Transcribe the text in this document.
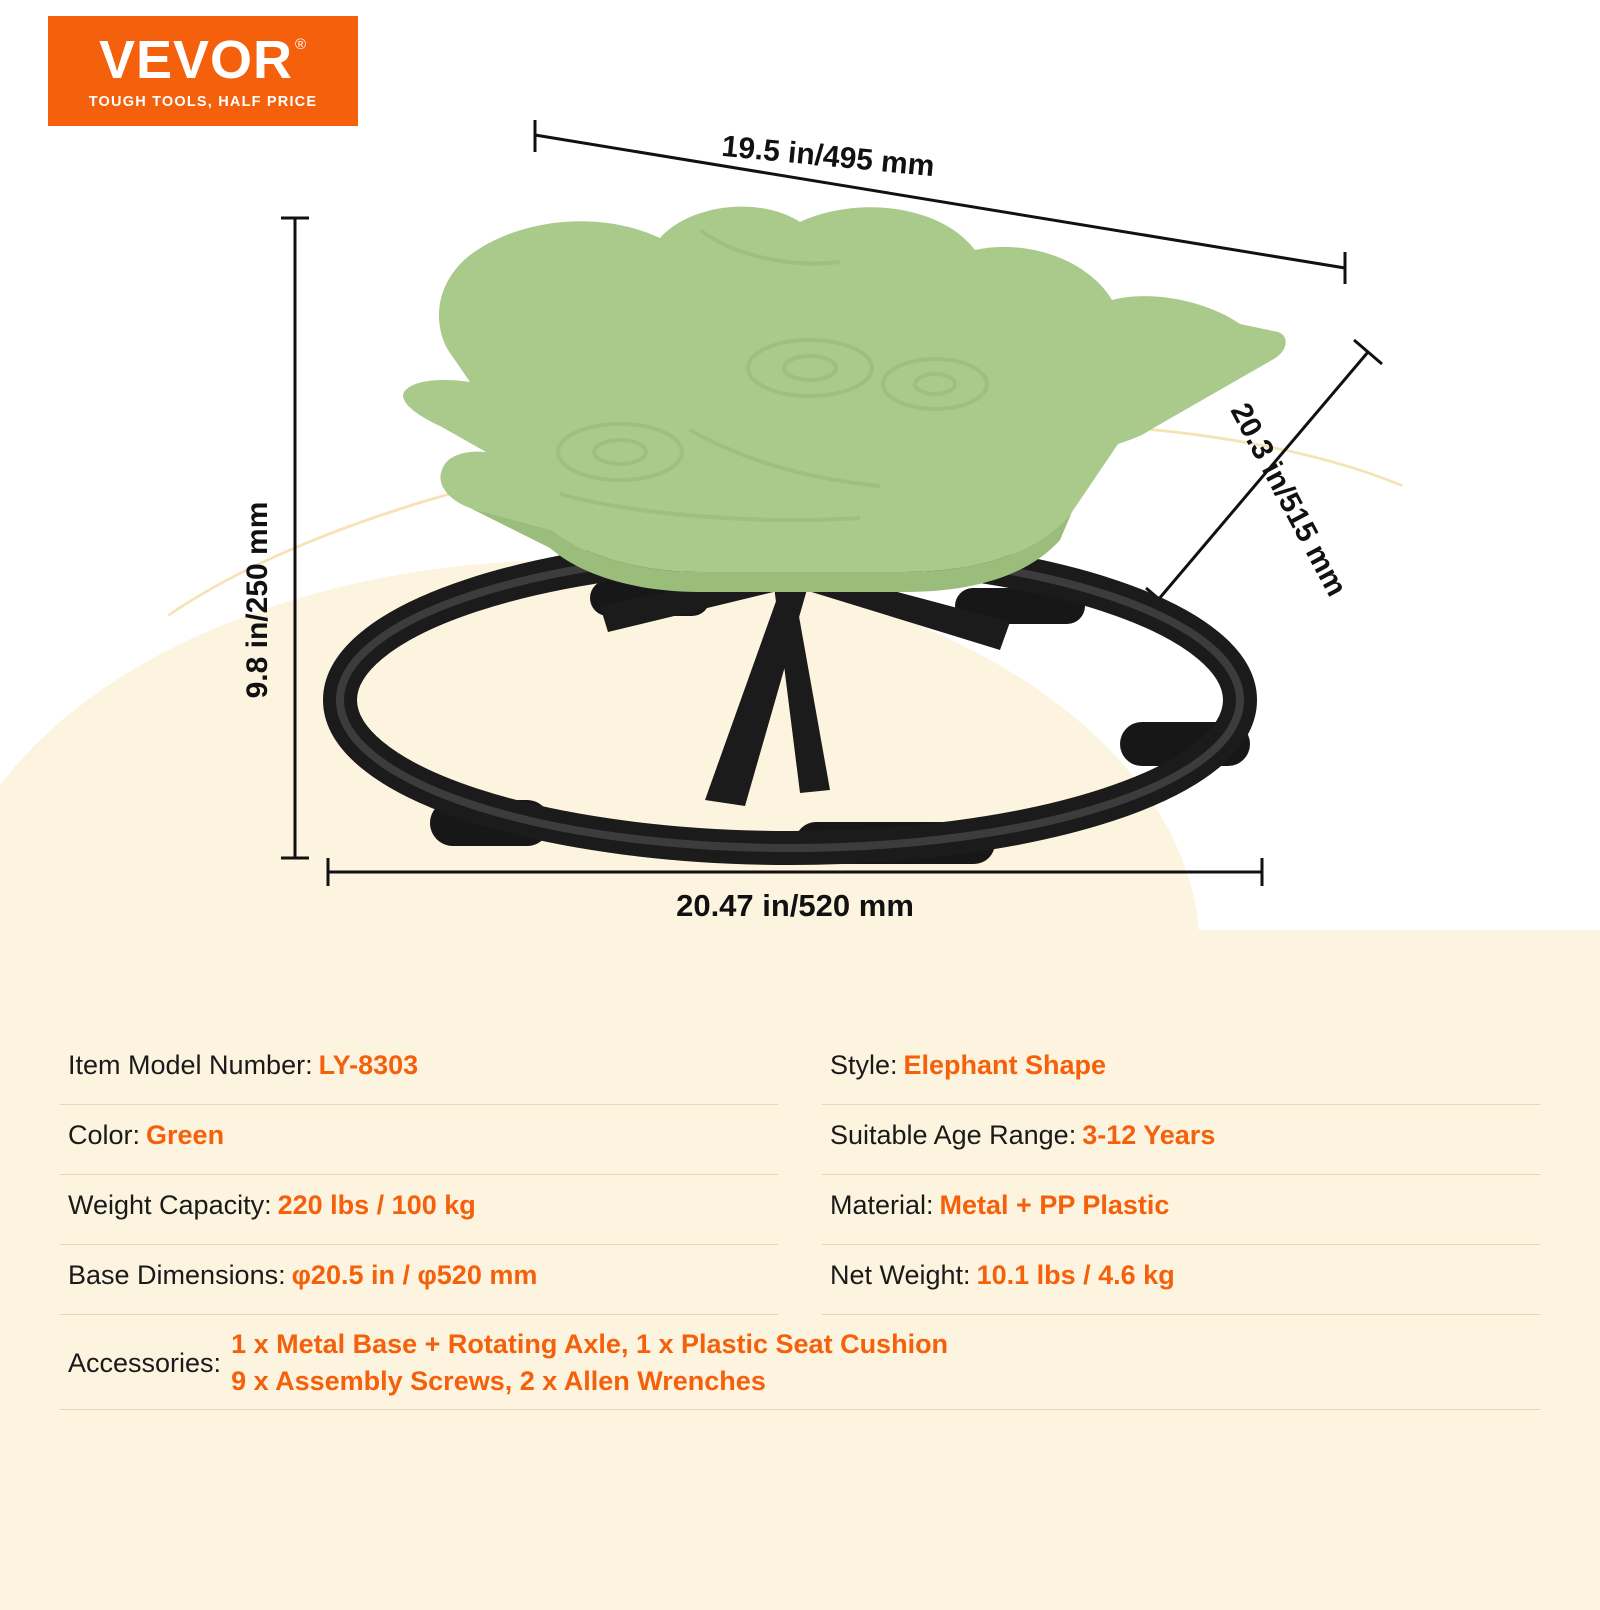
VEVOR ®
TOUGH TOOLS, HALF PRICE
19.5 in/495 mm
20.3 in/515 mm
9.8 in/250 mm
20.47 in/520 mm
Item Model Number: LY-8303	Style: Elephant Shape
Color: Green	Suitable Age Range: 3-12 Years
Weight Capacity: 220 lbs / 100 kg	Material: Metal + PP Plastic
Base Dimensions: φ20.5 in / φ520 mm	Net Weight: 10.1 lbs / 4.6 kg
Accessories:
1 x Metal Base + Rotating Axle, 1 x Plastic Seat Cushion
9 x Assembly Screws, 2 x Allen Wrenches
